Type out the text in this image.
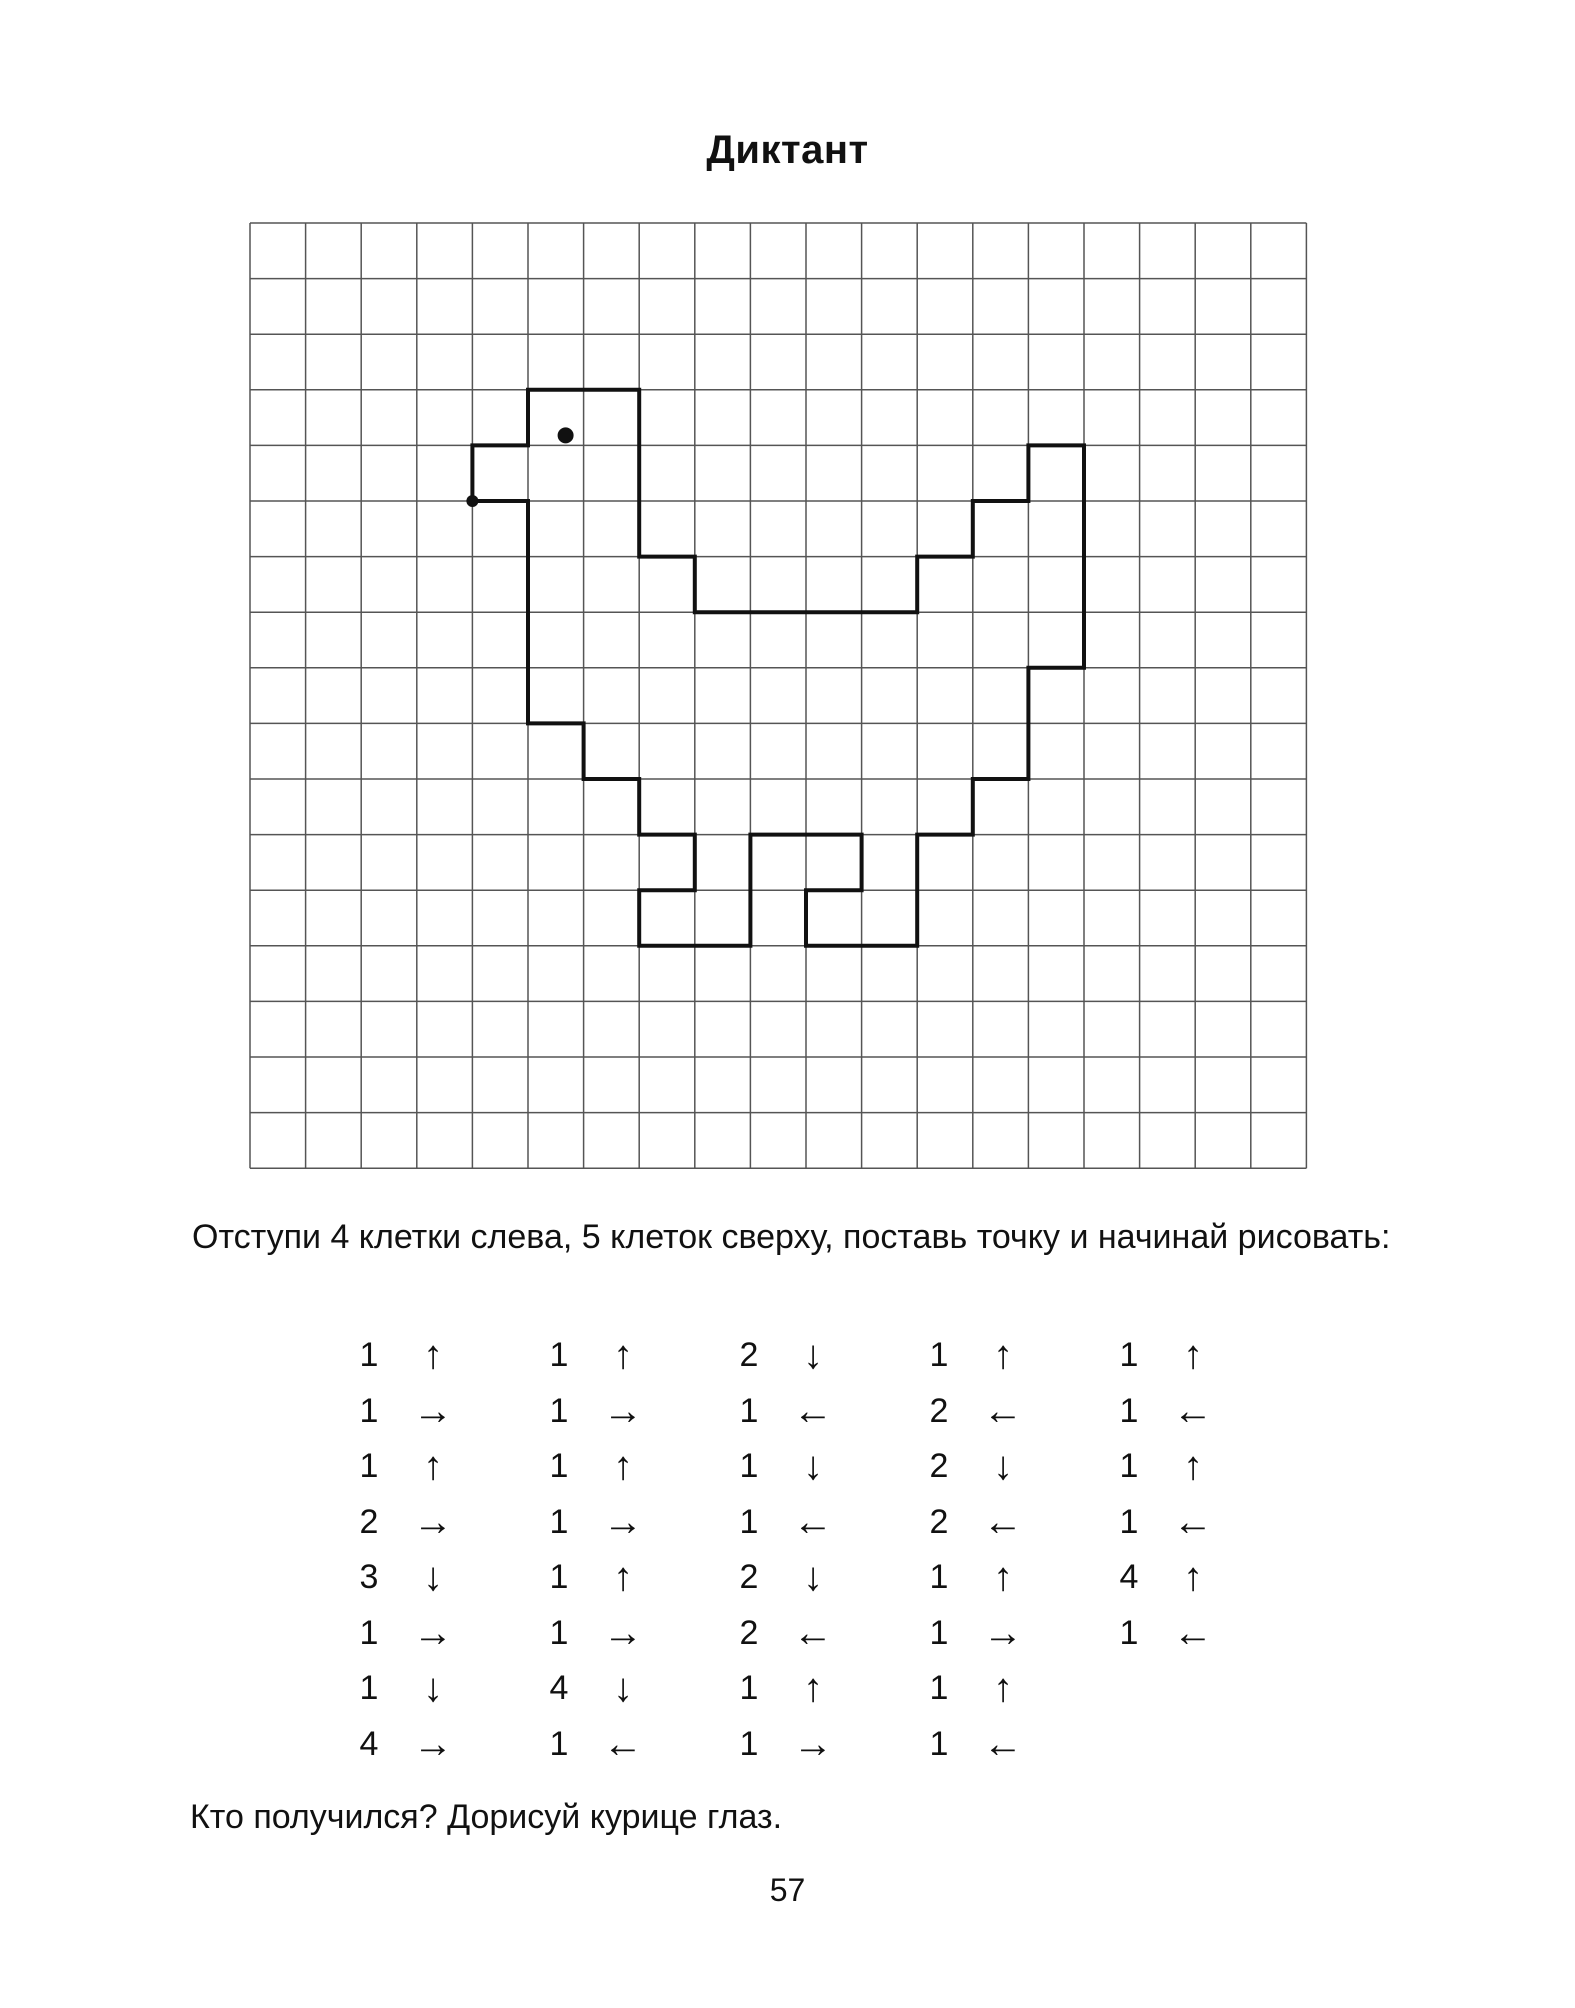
Диктант

Отступи 4 клетки слева, 5 клеток сверху, поставь точку и начинай рисовать:

1	↑
1 →
1	↑
2 →
3	↓
1 →
1	↓
4 →
1	↑
1 →
1	↑
1 →
1	↑
1 →
4	↓
1 ←
2	↓
1 ←
1	↓
1 ←
2	↓
2 ←
1	↑
1 →
1	↑
2 ←
2	↓
2 ←
1	↑
1 →
1	↑
1 ←
1	↑
1 ←
1	↑
1 ←
4	↑
1 ←

Кто получился? Дорисуй курице глаз.

57
